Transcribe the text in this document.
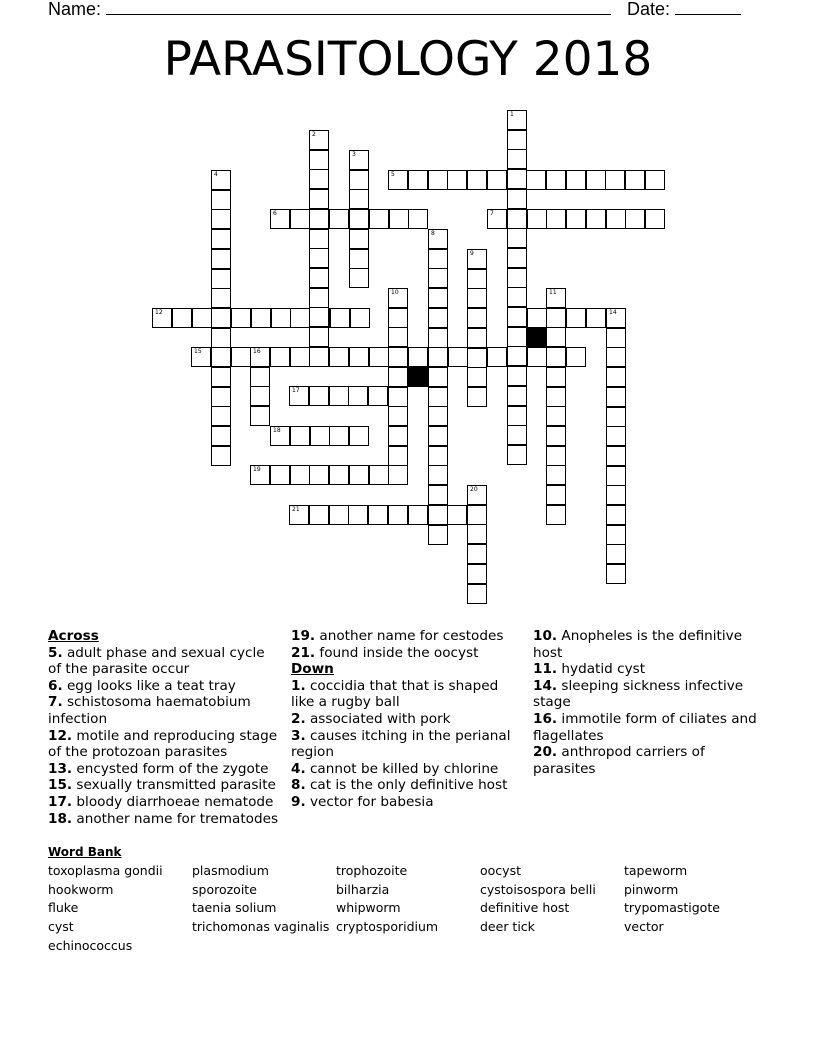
Name:	Date:
PARASITOLOGY 2018
5
6	7
12	14
15	16
17
18
19
21
1
2
3
4
8
9
10	11
20
Across
5. adult phase and sexual cycle of the parasite occur
6. egg looks like a teat tray
7. schistosoma haematobium infection
12. motile and reproducing stage of the protozoan parasites
13. encysted form of the zygote
15. sexually transmitted parasite
17. bloody diarrhoeae nematode
18. another name for trematodes
19. another name for cestodes
21. found inside the oocyst
Down
1. coccidia that that is shaped like a rugby ball
2. associated with pork
3. causes itching in the perianal region
4. cannot be killed by chlorine
8. cat is the only definitive host
9. vector for babesia
10. Anopheles is the definitive host
11. hydatid cyst
14. sleeping sickness infective stage
16. immotile form of ciliates and flagellates
20. anthropod carriers of parasites
Word Bank
toxoplasma gondii
hookworm
fluke
cyst
echinococcus
plasmodium
sporozoite
taenia solium
trichomonas vaginalis
trophozoite
bilharzia
whipworm
cryptosporidium
oocyst
cystoisospora belli
definitive host
deer tick
tapeworm
pinworm
trypomastigote
vector
